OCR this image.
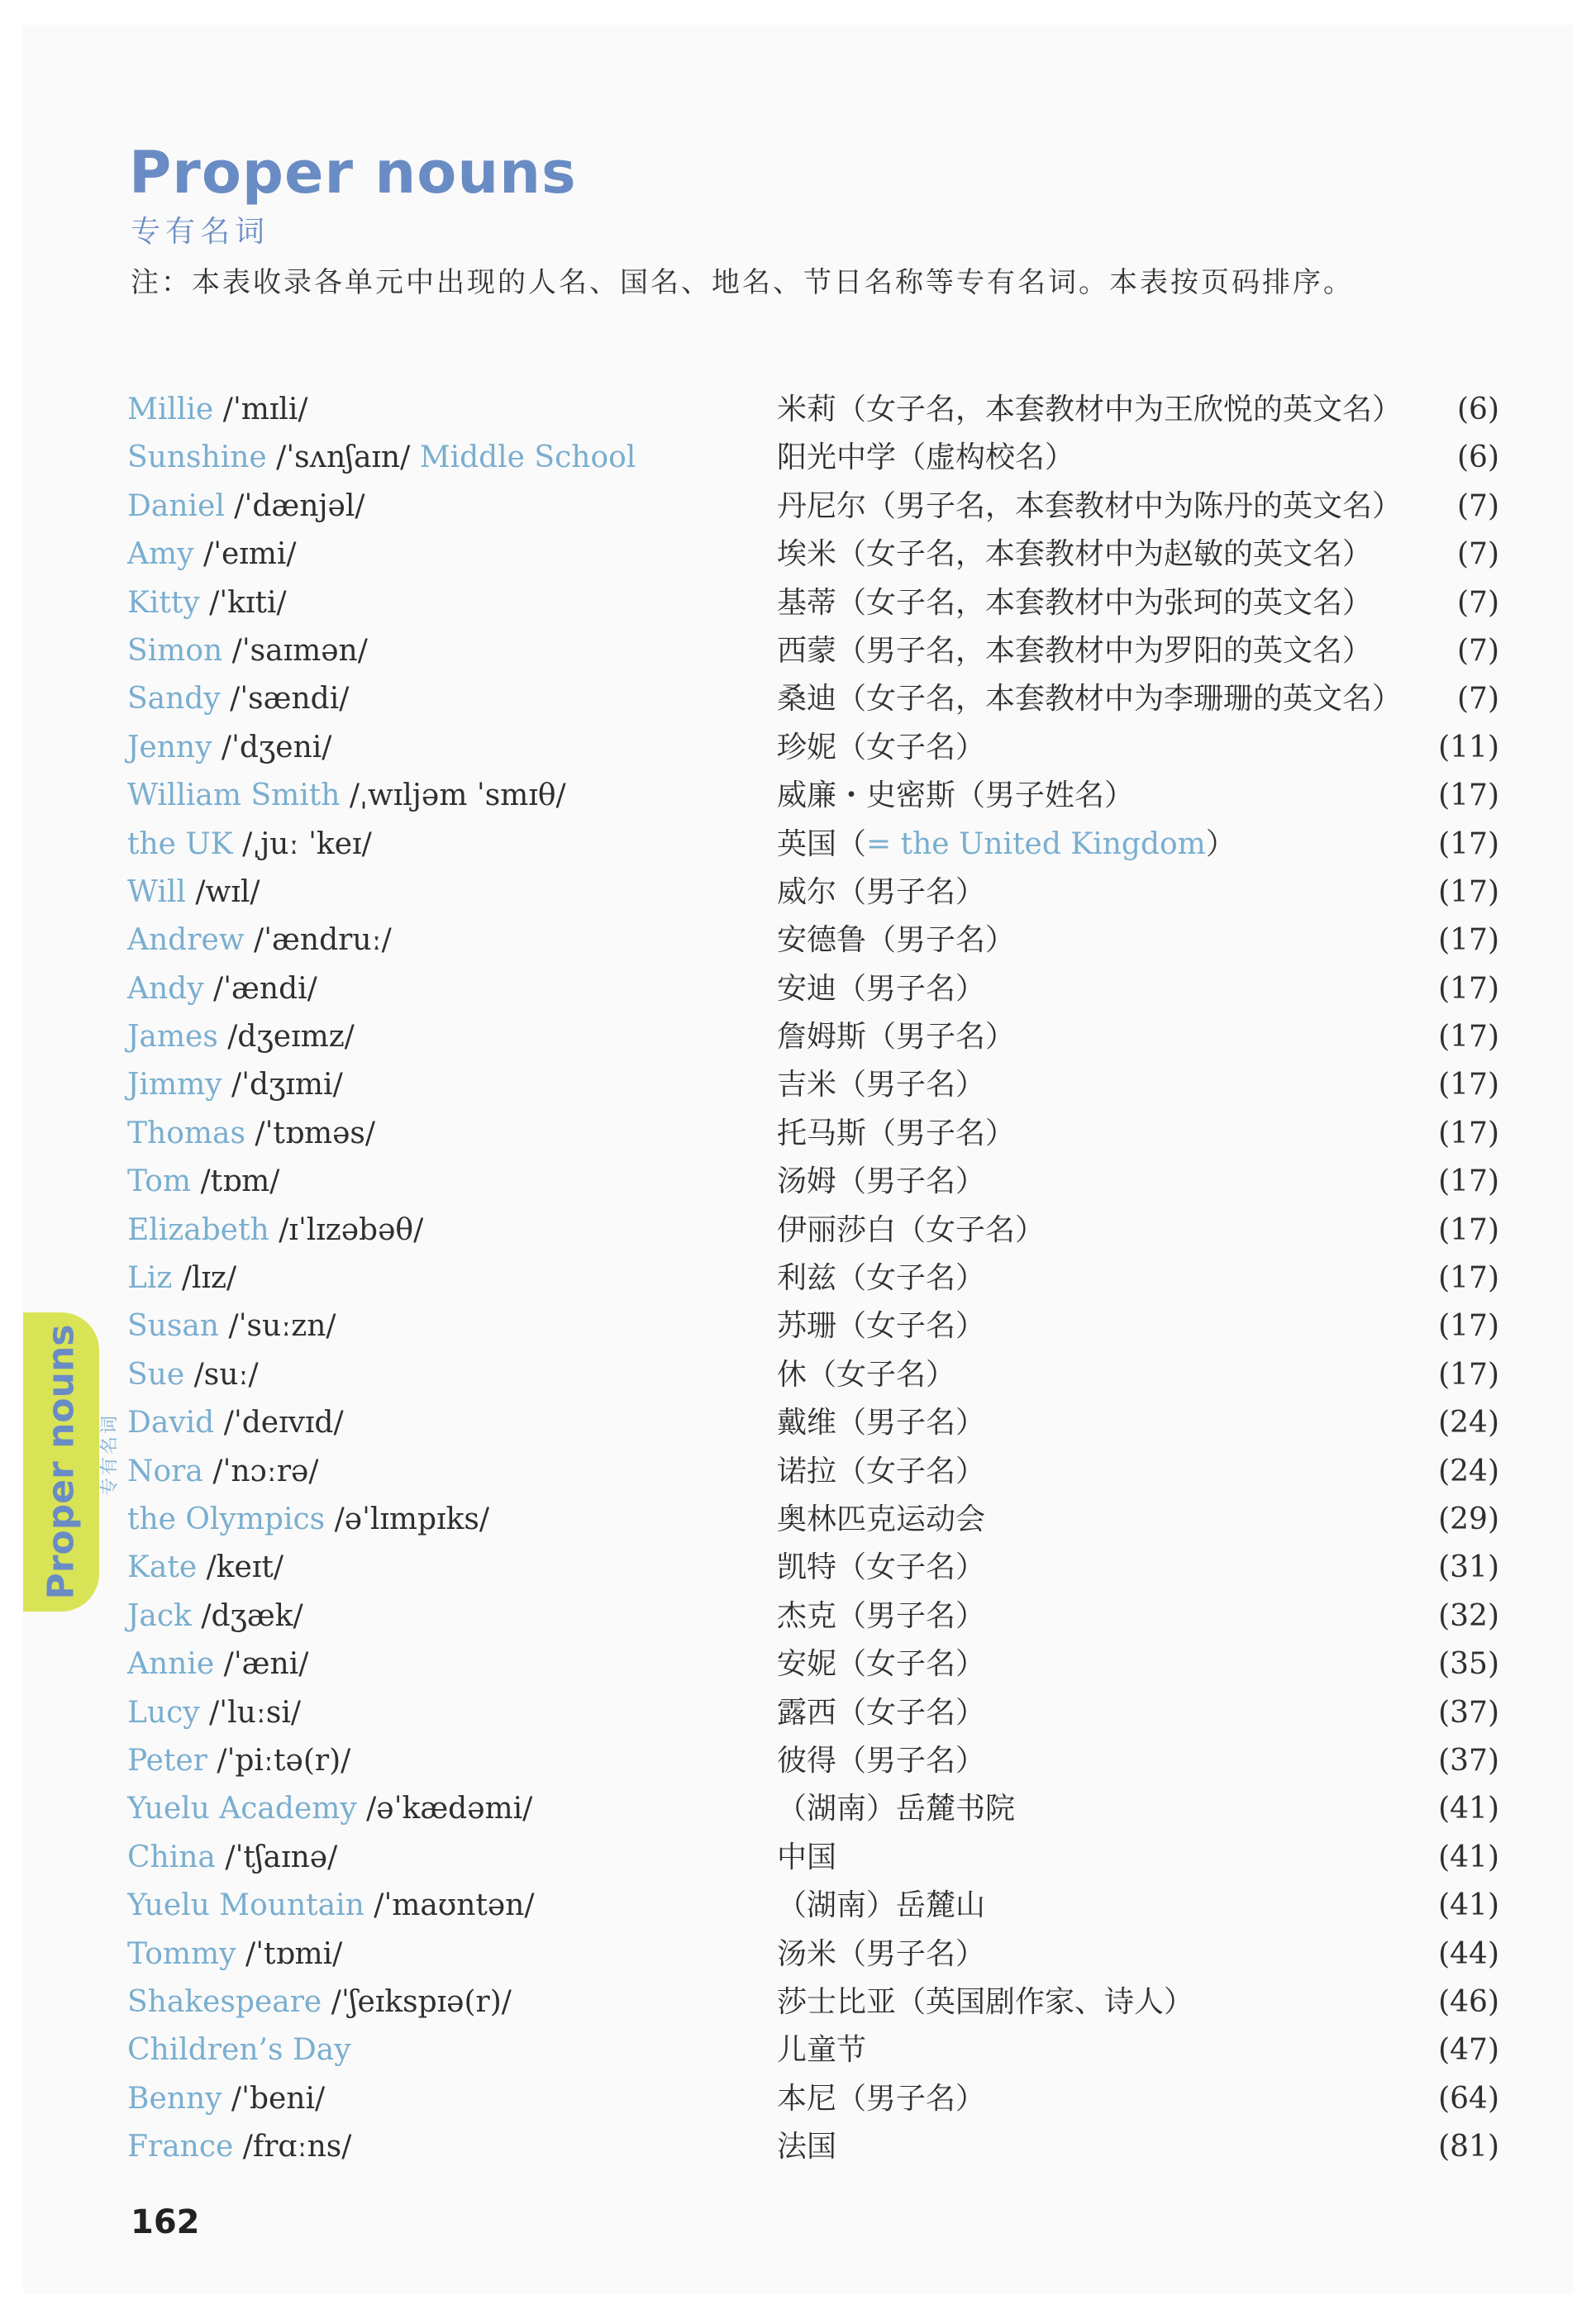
Proper nouns
专有名词
注：本表收录各单元中出现的人名、国名、地名、节日名称等专有名词。本表按页码排序。
Proper nouns 专有名词
Millie /ˈmɪli/	米莉（女子名，本套教材中为王欣悦的英文名） (6)
Sunshine /ˈsʌnʃaɪn/ Middle School	阳光中学（虚构校名）	(6)
Daniel /ˈdænjəl/	丹尼尔（男子名，本套教材中为陈丹的英文名） (7)
Amy /ˈeɪmi/	埃米（女子名，本套教材中为赵敏的英文名）	(7)
Kitty /ˈkɪti/	基蒂（女子名，本套教材中为张珂的英文名）	(7)
Simon /ˈsaɪmən/	西蒙（男子名，本套教材中为罗阳的英文名）	(7)
Sandy /ˈsændi/	桑迪（女子名，本套教材中为李珊珊的英文名） (7)
Jenny /ˈdʒeni/	珍妮（女子名）	(11)
William Smith /ˌwɪljəm ˈsmɪθ/	威廉・史密斯（男子姓名）	(17)
the UK /ˌjuː ˈkeɪ/	英国（= the United Kingdom）	(17)
Will /wɪl/	威尔（男子名）	(17)
Andrew /ˈændruː/	安德鲁（男子名）	(17)
Andy /ˈændi/	安迪（男子名）	(17)
James /dʒeɪmz/	詹姆斯（男子名）	(17)
Jimmy /ˈdʒɪmi/	吉米（男子名）	(17)
Thomas /ˈtɒməs/	托马斯（男子名）	(17)
Tom /tɒm/	汤姆（男子名）	(17)
Elizabeth /ɪˈlɪzəbəθ/	伊丽莎白（女子名）	(17)
Liz /lɪz/	利兹（女子名）	(17)
Susan /ˈsuːzn/	苏珊（女子名）	(17)
Sue /suː/	休（女子名）	(17)
David /ˈdeɪvɪd/	戴维（男子名）	(24)
Nora /ˈnɔːrə/	诺拉（女子名）	(24)
the Olympics /əˈlɪmpɪks/	奥林匹克运动会	(29)
Kate /keɪt/	凯特（女子名）	(31)
Jack /dʒæk/	杰克（男子名）	(32)
Annie /ˈæni/	安妮（女子名）	(35)
Lucy /ˈluːsi/	露西（女子名）	(37)
Peter /ˈpiːtə(r)/	彼得（男子名）	(37)
Yuelu Academy /əˈkædəmi/	（湖南）岳麓书院	(41)
China /ˈtʃaɪnə/	中国	(41)
Yuelu Mountain /ˈmaʊntən/	（湖南）岳麓山	(41)
Tommy /ˈtɒmi/	汤米（男子名）	(44)
Shakespeare /ˈʃeɪkspɪə(r)/	莎士比亚（英国剧作家、诗人）	(46)
Children’s Day	儿童节	(47)
Benny /ˈbeni/	本尼（男子名）	(64)
France /frɑːns/	法国	(81)
162
